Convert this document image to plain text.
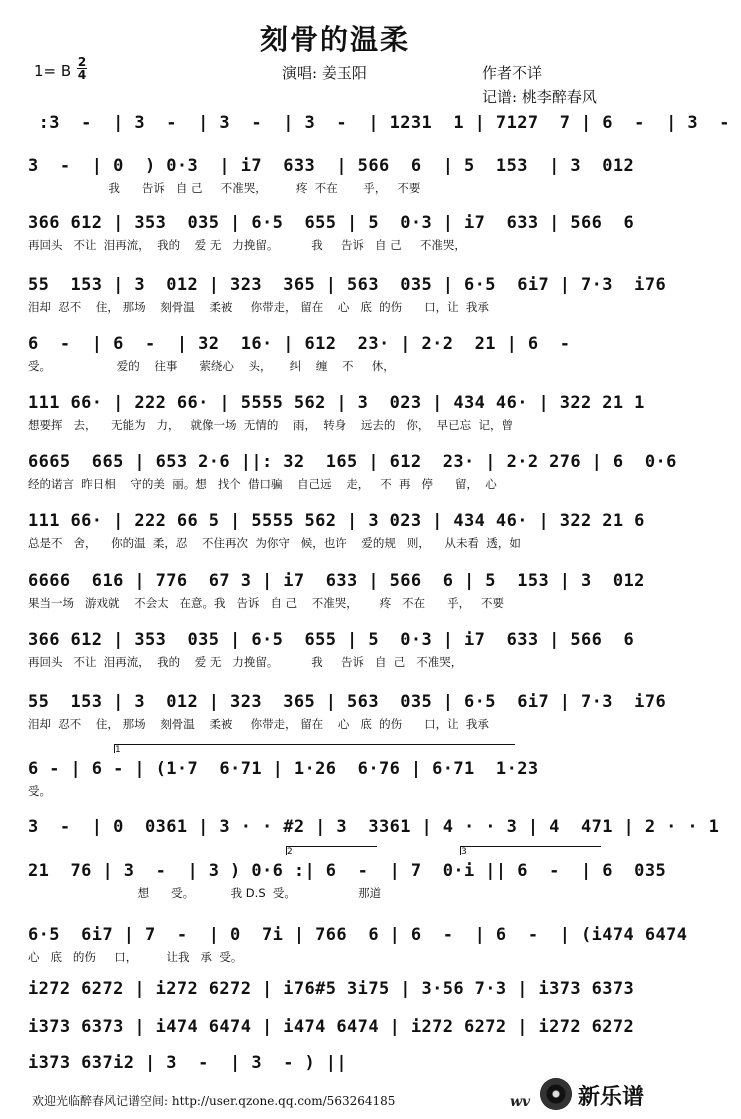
刻骨的温柔
1= B 2
4	演唱: 姜玉阳	作者不详
记谱: 桃李醉春风
:3  -  | 3  -  | 3  -  | 3  -  | 1231  1 | 7127  7 | 6  -  | 3  -
3  -  | 0  ) 0·3  | i7  633  | 566  6  | 5  153  | 3  012
我      告诉   自 己     不准哭，        疼  不在       乎，   不要
366 612 | 353  035 | 6·5  655 | 5  0·3 | i7  633 | 566  6
再回头   不让  泪再流，  我的    爱 无   力挽留。         我     告诉   自 己     不准哭，
55  153 | 3  012 | 323  365 | 563  035 | 6·5  6i7 | 7·3  i76
泪却  忍不    住， 那场    刻骨温    柔被     你带走， 留在    心   底  的伤      口，让  我承
6  -  | 6  -  | 32  16· | 612  23· | 2·2  21 | 6  -
受。                  爱的    往事      萦绕心    头，     纠    缠    不     休，
111 66· | 222 66· | 5555 562 | 3  023 | 434 46· | 322 21 1
想要挥   去，    无能为   力，   就像一场  无情的    雨，  转身    远去的   你，  早已忘  记，曾
6665  665 | 653 2·6 ||: 32  165 | 612  23· | 2·2 276 | 6  0·6
经的诺言  昨日相    守的美  丽。想   找个  借口骗    自己远    走，   不  再   停      留，  心
111 66· | 222 66 5 | 5555 562 | 3 023 | 434 46· | 322 21 6
总是不   舍，    你的温  柔，忍    不住再次  为你守   候，也许    爱的规   则，    从未看  透，如
6666  616 | 776  67 3 | i7  633 | 566  6 | 5  153 | 3  012
果当一场   游戏就    不会太   在意。我   告诉   自 己    不准哭，      疼   不在      乎，   不要
366 612 | 353  035 | 6·5  655 | 5  0·3 | i7  633 | 566  6
再回头   不让  泪再流，  我的    爱 无   力挽留。         我     告诉   自  己   不准哭，
55  153 | 3  012 | 323  365 | 563  035 | 6·5  6i7 | 7·3  i76
泪却  忍不    住， 那场    刻骨温    柔被     你带走， 留在    心   底  的伤      口，让  我承
1
6 - | 6 - | (1·7  6·71 | 1·26  6·76 | 6·71  1·23
受。
3  -  | 0  0361 | 3 · · #2 | 3  3361 | 4 · · 3 | 4  471 | 2 · · 1
2	3
21  76 | 3  -  | 3 ) 0·6 :| 6  -  | 7  0·i || 6  -  | 6  035
想      受。          我 D.S  受。                 那道
6·5  6i7 | 7  -  | 0  7i | 766  6 | 6  -  | 6  -  | (i474 6474
心   底   的伤     口，        让我   承  受。
i272 6272 | i272 6272 | i76#5 3i75 | 3·56 7·3 | i373 6373
i373 6373 | i474 6474 | i474 6474 | i272 6272 | i272 6272
i373 637i2 | 3  -  | 3  - ) ||
欢迎光临醉春风记谱空间: http://user.qzone.qq.com/563264185	wv 新乐谱
